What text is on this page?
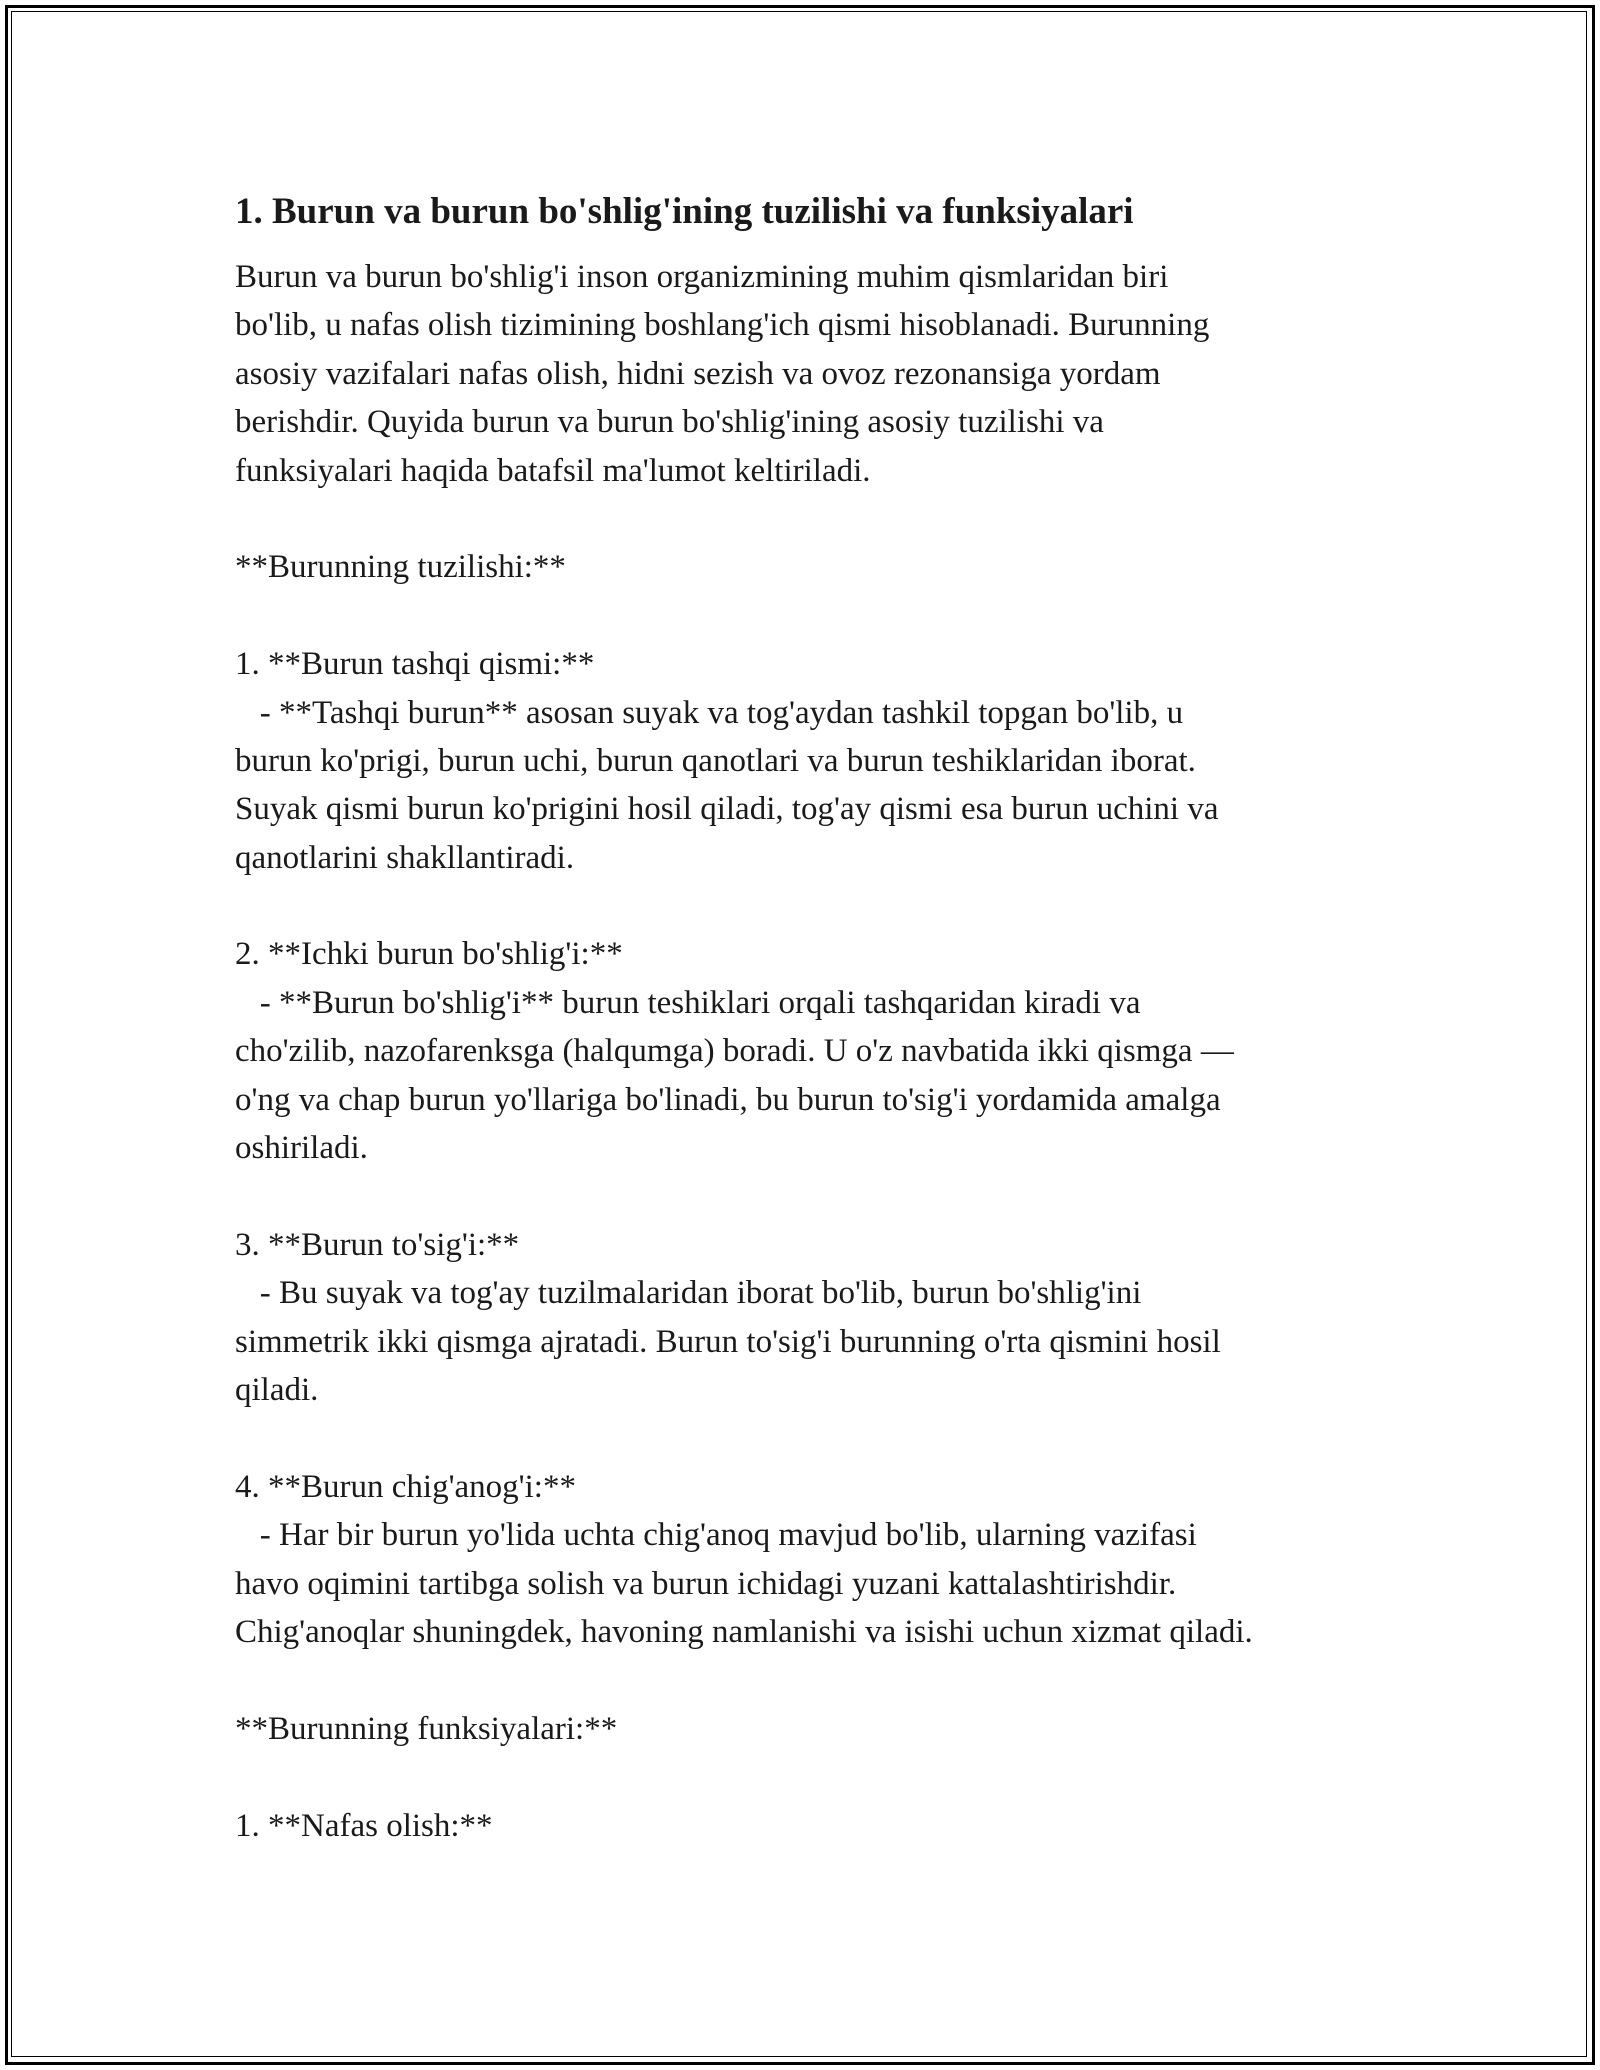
1. Burun va burun bo'shlig'ining tuzilishi va funksiyalari
Burun va burun bo'shlig'i inson organizmining muhim qismlaridan biri
bo'lib, u nafas olish tizimining boshlang'ich qismi hisoblanadi. Burunning
asosiy vazifalari nafas olish, hidni sezish va ovoz rezonansiga yordam
berishdir. Quyida burun va burun bo'shlig'ining asosiy tuzilishi va
funksiyalari haqida batafsil ma'lumot keltiriladi.
**Burunning tuzilishi:**
1. **Burun tashqi qismi:**
- **Tashqi burun** asosan suyak va tog'aydan tashkil topgan bo'lib, u
burun ko'prigi, burun uchi, burun qanotlari va burun teshiklaridan iborat.
Suyak qismi burun ko'prigini hosil qiladi, tog'ay qismi esa burun uchini va
qanotlarini shakllantiradi.
2. **Ichki burun bo'shlig'i:**
- **Burun bo'shlig'i** burun teshiklari orqali tashqaridan kiradi va
cho'zilib, nazofarenksga (halqumga) boradi. U o'z navbatida ikki qismga —
o'ng va chap burun yo'llariga bo'linadi, bu burun to'sig'i yordamida amalga
oshiriladi.
3. **Burun to'sig'i:**
- Bu suyak va tog'ay tuzilmalaridan iborat bo'lib, burun bo'shlig'ini
simmetrik ikki qismga ajratadi. Burun to'sig'i burunning o'rta qismini hosil
qiladi.
4. **Burun chig'anog'i:**
- Har bir burun yo'lida uchta chig'anoq mavjud bo'lib, ularning vazifasi
havo oqimini tartibga solish va burun ichidagi yuzani kattalashtirishdir.
Chig'anoqlar shuningdek, havoning namlanishi va isishi uchun xizmat qiladi.
**Burunning funksiyalari:**
1. **Nafas olish:**
